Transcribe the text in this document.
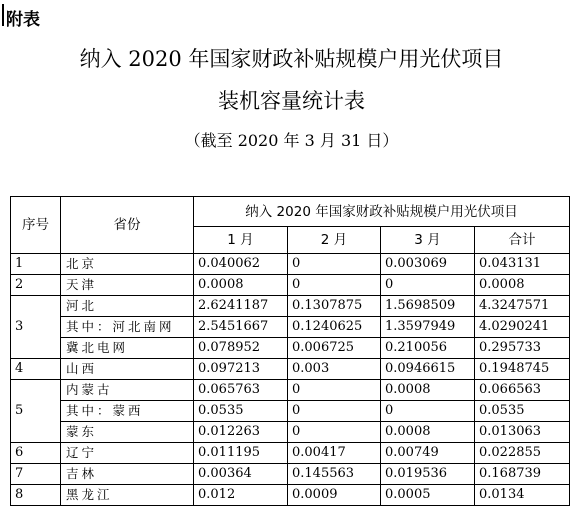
附表
纳入 2020 年国家财政补贴规模户用光伏项目
装机容量统计表
（截至 2020 年 3 月 31 日）
序号	省份	纳入 2020 年国家财政补贴规模户用光伏项目			
		1 月	2 月	3 月	合计
1	北京	0.040062	0	0.003069	0.043131
2	天津	0.0008	0	0	0.0008
3	河北	2.6241187	0.1307875	1.5698509	4.3247571
	其中：河北南网	2.5451667	0.1240625	1.3597949	4.0290241
	冀北电网	0.078952	0.006725	0.210056	0.295733
4	山西	0.097213	0.003	0.0946615	0.1948745
5	内蒙古	0.065763	0	0.0008	0.066563
	其中：蒙西	0.0535	0	0	0.0535
	蒙东	0.012263	0	0.0008	0.013063
6	辽宁	0.011195	0.00417	0.00749	0.022855
7	吉林	0.00364	0.145563	0.019536	0.168739
8	黑龙江	0.012	0.0009	0.0005	0.0134
